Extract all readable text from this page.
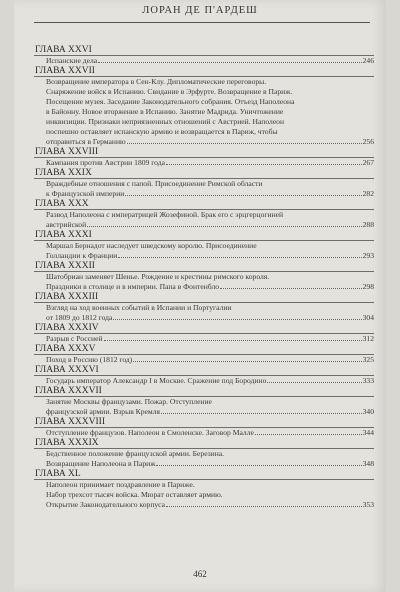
ЛОРАН ДЕ П'АРДЕШ
ГЛАВА XXVI
Испанские дела	246
ГЛАВА XXVII
Возвращение императора в Сен-Клу. Дипломатические переговоры.
Снаряжение войск в Испанию. Свидание в Эрфурте. Возвращение в Париж.
Посещение музея. Заседание Законодательного собрания. Отъезд Наполеона
в Байонну. Новое вторжение в Испанию. Занятие Мадрида. Уничтожение
инквизиции. Признаки неприязненных отношений с Австрией. Наполеон
поспешно оставляет испанскую армию и возвращается в Париж, чтобы
отправиться в Германию	256
ГЛАВА XXVIII
Кампания против Австрии 1809 года	267
ГЛАВА XXIX
Враждебные отношения с папой. Присоединение Римской области
к Французской империи	282
ГЛАВА XXX
Развод Наполеона с императрицей Жозефиной. Брак его с эрцгерцогиней
австрийской	288
ГЛАВА XXXI
Маршал Бернадот наследует шведскому королю. Присоединение
Голландии к Франции	293
ГЛАВА XXXII
Шатобриан заменяет Шенье. Рождение и крестины римского короля.
Праздники в столице и в империи. Папа в Фонтенбло	298
ГЛАВА XXXIII
Взгляд на ход военных событий в Испании и Португалии
от 1809 до 1812 года	304
ГЛАВА XXXIV
Разрыв с Россией	312
ГЛАВА XXXV
Поход в Россию (1812 год)	325
ГЛАВА XXXVI
Государь император Александр I в Москве. Сражение под Бородино	333
ГЛАВА XXXVII
Занятие Москвы французами. Пожар. Отступление
французской армии. Взрыв Кремля	340
ГЛАВА XXXVIII
Отступление французов. Наполеон в Смоленске. Заговор Малле	344
ГЛАВА XXXIX
Бедственное положение французской армии. Березина.
Возвращение Наполеона в Париж	348
ГЛАВА XL
Наполеон принимает поздравление в Париже.
Набор трехсот тысяч войска. Мюрат оставляет армию.
Открытие Законодательного корпуса	353
462
